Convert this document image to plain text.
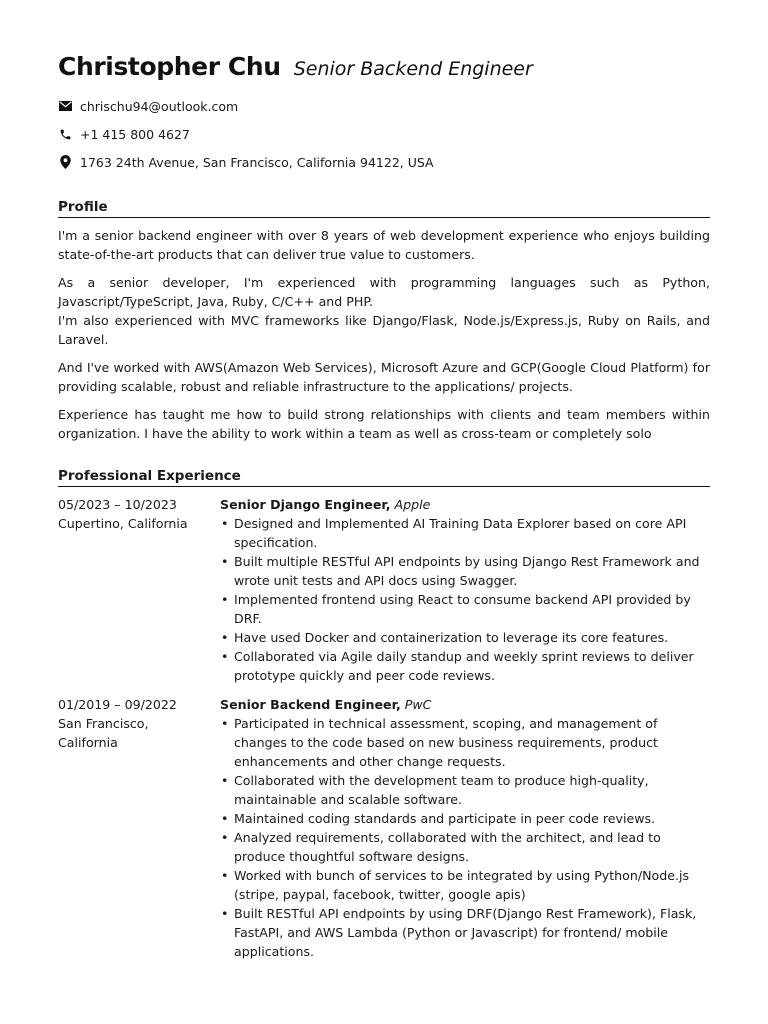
Christopher Chu Senior Backend Engineer
chrischu94@outlook.com
+1 415 800 4627
1763 24th Avenue, San Francisco, California 94122, USA
Profile

I'm a senior backend engineer with over 8 years of web development experience who enjoys building state-of-the-art products that can deliver true value to customers.

As a senior developer, I'm experienced with programming languages such as Python, Javascript/TypeScript, Java, Ruby, C/C++ and PHP.

I'm also experienced with MVC frameworks like Django/Flask, Node.js/Express.js, Ruby on Rails, and Laravel.

And I've worked with AWS(Amazon Web Services), Microsoft Azure and GCP(Google Cloud Platform) for providing scalable, robust and reliable infrastructure to the applications/ projects.

Experience has taught me how to build strong relationships with clients and team members within organization. I have the ability to work within a team as well as cross-team or completely solo

Professional Experience
05/2023 – 10/2023
Cupertino, California
Senior Django Engineer, Apple
• Designed and Implemented AI Training Data Explorer based on core API specification.
• Built multiple RESTful API endpoints by using Django Rest Framework and wrote unit tests and API docs using Swagger.
• Implemented frontend using React to consume backend API provided by DRF.
• Have used Docker and containerization to leverage its core features.
• Collaborated via Agile daily standup and weekly sprint reviews to deliver prototype quickly and peer code reviews.
01/2019 – 09/2022
San Francisco, California
Senior Backend Engineer, PwC
• Participated in technical assessment, scoping, and management of changes to the code based on new business requirements, product enhancements and other change requests.
• Collaborated with the development team to produce high-quality, maintainable and scalable software.
• Maintained coding standards and participate in peer code reviews.
• Analyzed requirements, collaborated with the architect, and lead to produce thoughtful software designs.
• Worked with bunch of services to be integrated by using Python/Node.js (stripe, paypal, facebook, twitter, google apis)
• Built RESTful API endpoints by using DRF(Django Rest Framework), Flask, FastAPI, and AWS Lambda (Python or Javascript) for frontend/ mobile applications.
